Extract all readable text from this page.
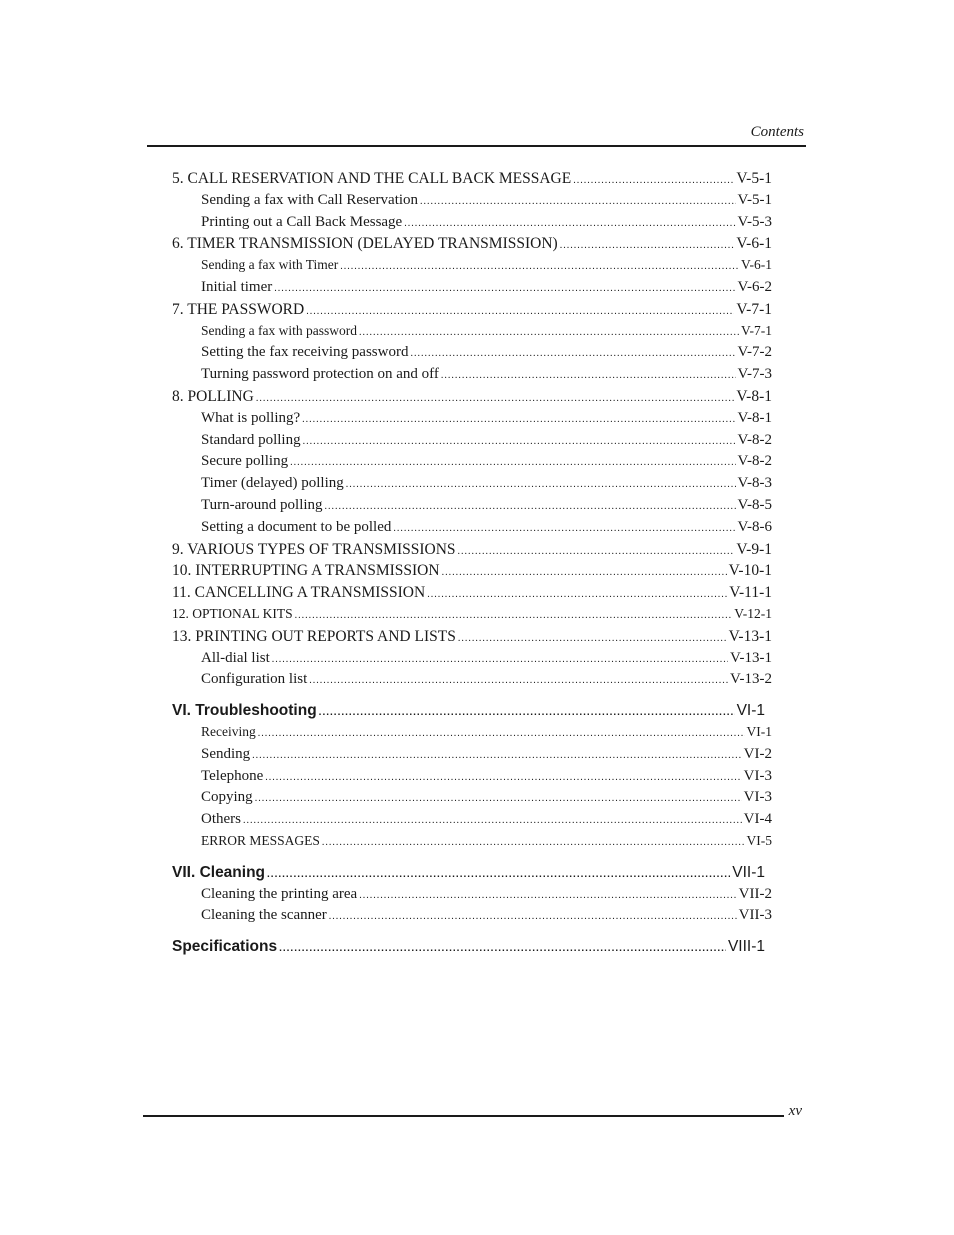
Contents
5. CALL RESERVATION AND THE CALL BACK MESSAGE .....	V-5-1
Sending a fax with Call Reservation .....	V-5-1
Printing out a Call Back Message .....	V-5-3
6. TIMER TRANSMISSION (DELAYED TRANSMISSION) .....	V-6-1
Sending a fax with Timer .....	V-6-1
Initial timer .....	V-6-2
7. THE PASSWORD .....	V-7-1
Sending a fax with password .....	V-7-1
Setting the fax receiving password .....	V-7-2
Turning password protection on and off .....	V-7-3
8. POLLING .....	V-8-1
What is polling? .....	V-8-1
Standard polling .....	V-8-2
Secure polling .....	V-8-2
Timer (delayed) polling .....	V-8-3
Turn-around polling .....	V-8-5
Setting a document to be polled .....	V-8-6
9. VARIOUS TYPES OF TRANSMISSIONS .....	V-9-1
10. INTERRUPTING A TRANSMISSION .....	V-10-1
11. CANCELLING A TRANSMISSION .....	V-11-1
12. OPTIONAL KITS .....	V-12-1
13. PRINTING OUT REPORTS AND LISTS .....	V-13-1
All-dial list .....	V-13-1
Configuration list .....	V-13-2
VI. Troubleshooting .....	VI-1
Receiving .....	VI-1
Sending .....	VI-2
Telephone .....	VI-3
Copying .....	VI-3
Others .....	VI-4
ERROR MESSAGES .....	VI-5
VII. Cleaning .....	VII-1
Cleaning the printing area .....	VII-2
Cleaning the scanner .....	VII-3
Specifications .....	VIII-1
xv
